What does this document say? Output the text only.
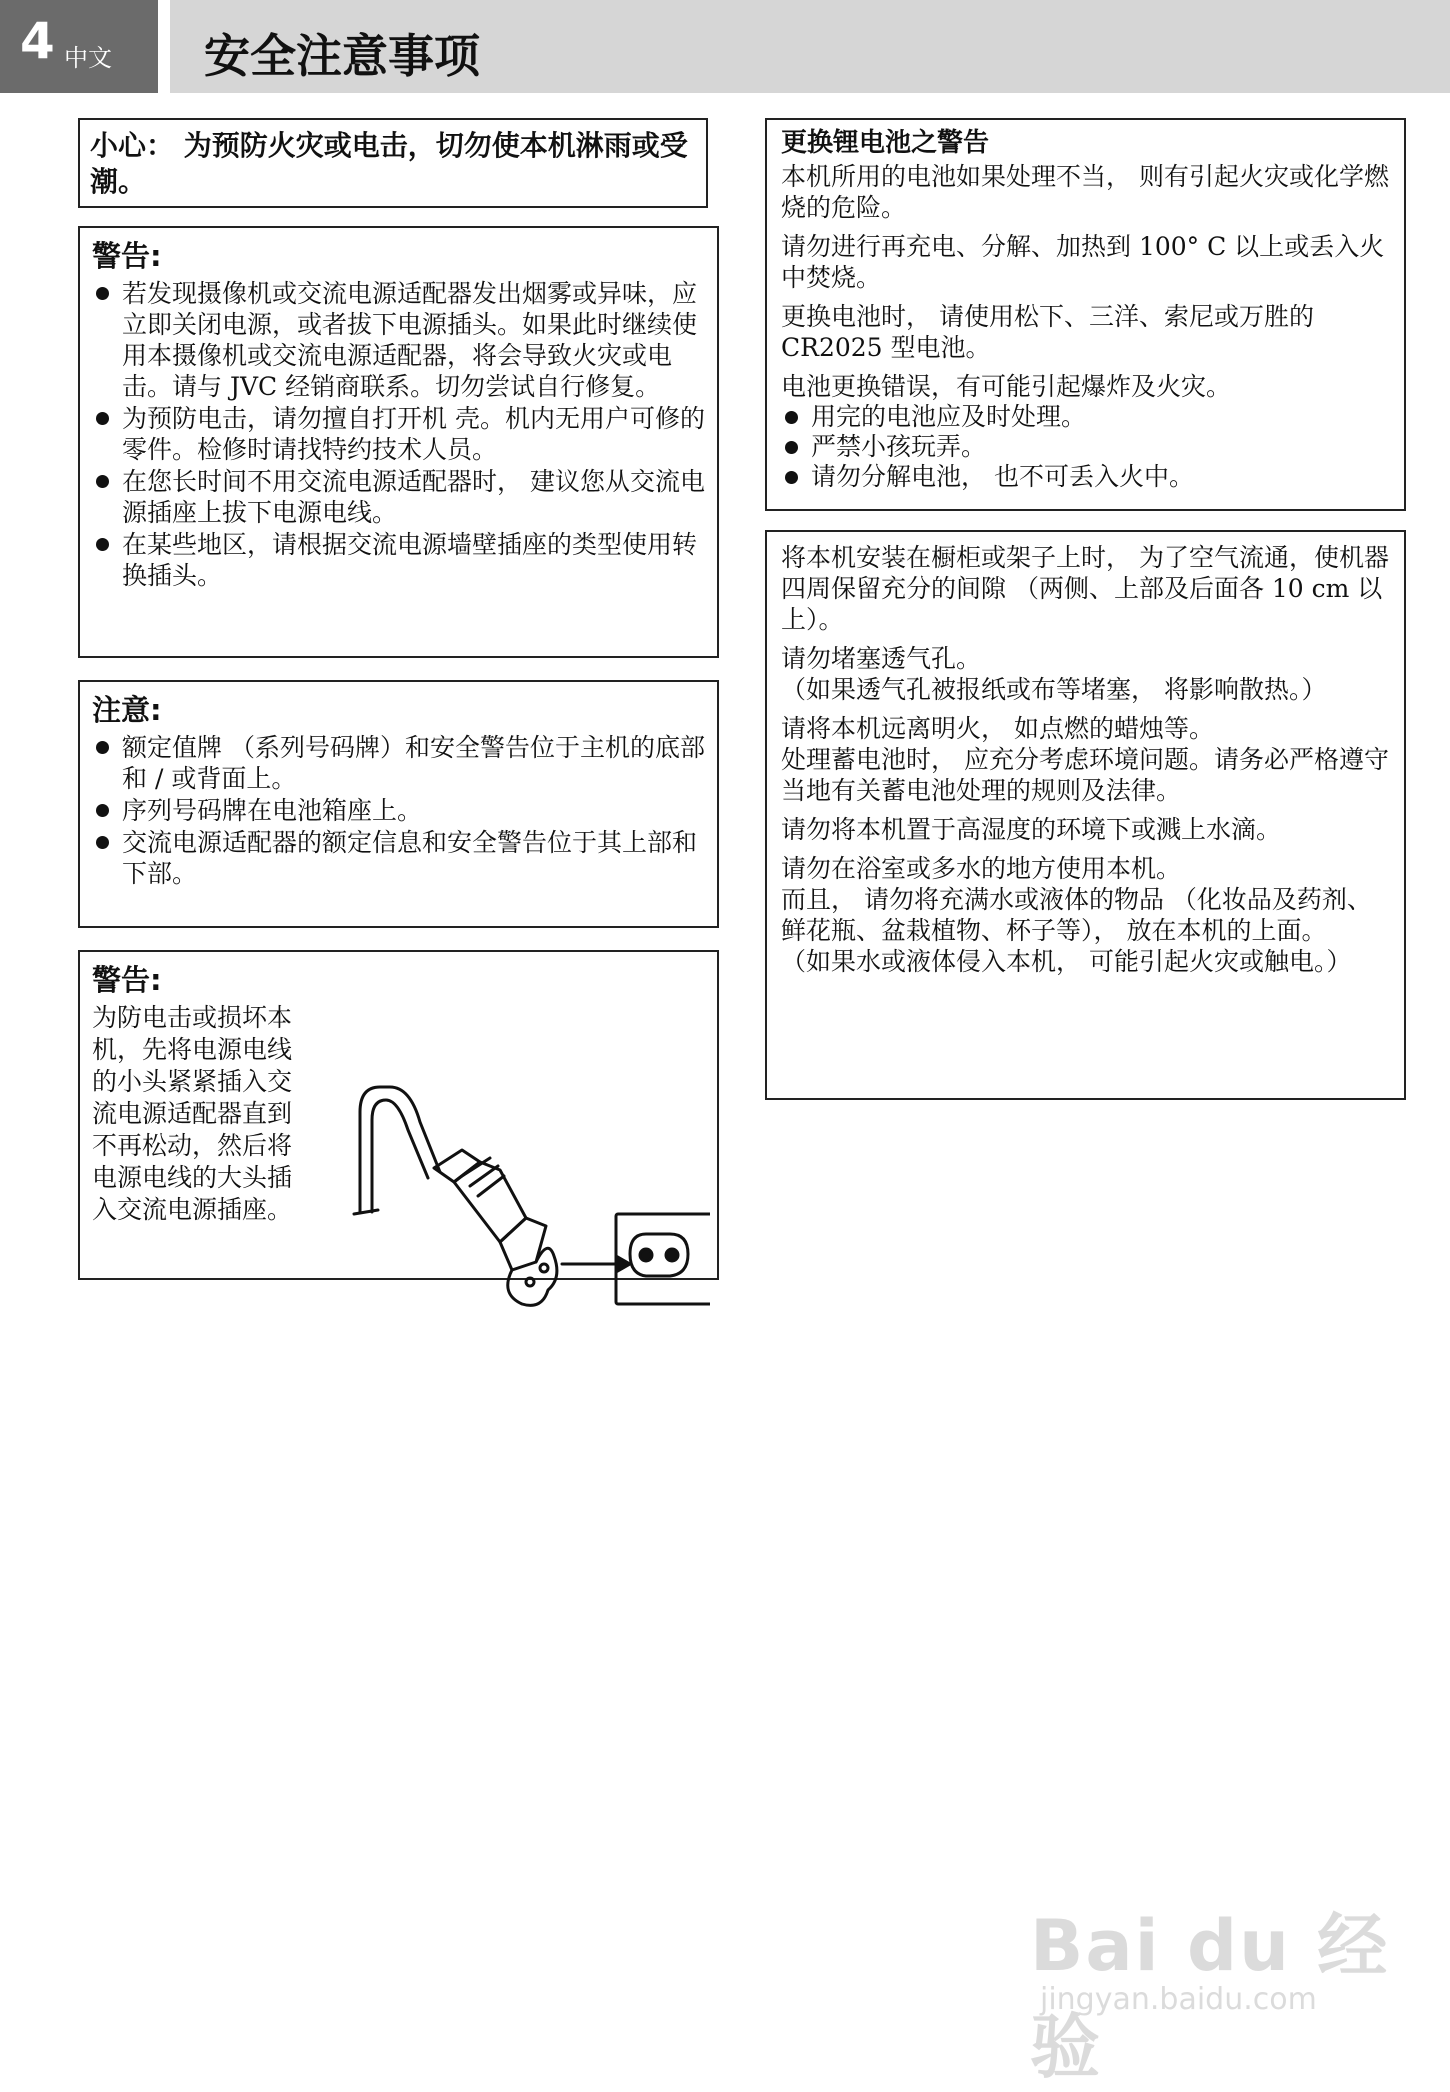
4 中文 安全注意事项
小心： 为预防火灾或电击，切勿使本机淋雨或受潮。
警告:
若发现摄像机或交流电源适配器发出烟雾或异味，应立即关闭电源，或者拔下电源插头。如果此时继续使用本摄像机或交流电源适配器，将会导致火灾或电击。请与 JVC 经销商联系。切勿尝试自行修复。
为预防电击，请勿擅自打开机 壳。机内无用户可修的零件。检修时请找特约技术人员。
在您长时间不用交流电源适配器时， 建议您从交流电源插座上拔下电源电线。
在某些地区，请根据交流电源墙壁插座的类型使用转换插头。
注意:
额定值牌 （系列号码牌）和安全警告位于主机的底部和 / 或背面上。
序列号码牌在电池箱座上。
交流电源适配器的额定信息和安全警告位于其上部和下部。
警告:
为防电击或损坏本机，先将电源电线的小头紧紧插入交流电源适配器直到不再松动，然后将电源电线的大头插入交流电源插座。
更换锂电池之警告

本机所用的电池如果处理不当， 则有引起火灾或化学燃烧的危险。

请勿进行再充电、分解、加热到 100° C 以上或丢入火中焚烧。

更换电池时， 请使用松下、三洋、索尼或万胜的 CR2025 型电池。

电池更换错误，有可能引起爆炸及火灾。

用完的电池应及时处理。
严禁小孩玩弄。
请勿分解电池， 也不可丢入火中。

将本机安装在橱柜或架子上时， 为了空气流通，使机器四周保留充分的间隙 （两侧、上部及后面各 10 cm 以上）。

请勿堵塞透气孔。

（如果透气孔被报纸或布等堵塞， 将影响散热。）

请将本机远离明火， 如点燃的蜡烛等。

处理蓄电池时， 应充分考虑环境问题。请务必严格遵守当地有关蓄电池处理的规则及法律。

请勿将本机置于高湿度的环境下或溅上水滴。

请勿在浴室或多水的地方使用本机。

而且， 请勿将充满水或液体的物品 （化妆品及药剂、鲜花瓶、盆栽植物、杯子等）， 放在本机的上面。

（如果水或液体侵入本机， 可能引起火灾或触电。）

Bai du 经验
jingyan.baidu.com
